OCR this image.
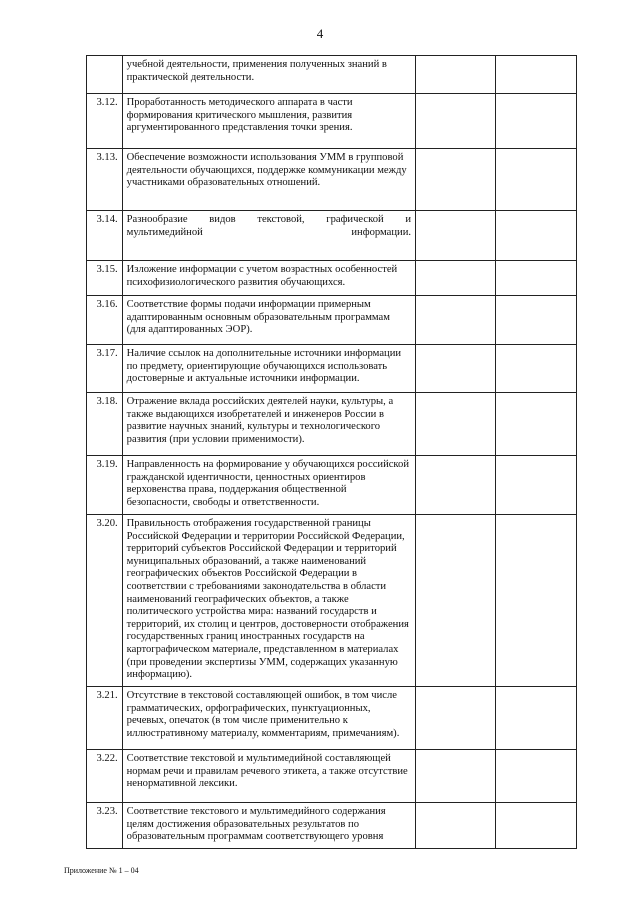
4
	учебной деятельности, применения полученных знаний в практической деятельности.		
3.12.	Проработанность методического аппарата в части формирования критического мышления, развития аргументированного представления точки зрения.		
3.13.	Обеспечение возможности использования УММ в групповой деятельности обучающихся, поддержке коммуникации между участниками образовательных отношений.		
3.14.	Разнообразие видов текстовой, графической и мультимедийной информации.		
3.15.	Изложение информации с учетом возрастных особенностей психофизиологического развития обучающихся.		
3.16.	Соответствие формы подачи информации примерным адаптированным основным образовательным программам (для адаптированных ЭОР).		
3.17.	Наличие ссылок на дополнительные источники информации по предмету, ориентирующие обучающихся использовать достоверные и актуальные источники информации.		
3.18.	Отражение вклада российских деятелей науки, культуры, а также выдающихся изобретателей и инженеров России в развитие научных знаний, культуры и технологического развития (при условии применимости).		
3.19.	Направленность на формирование у обучающихся российской гражданской идентичности, ценностных ориентиров верховенства права, поддержания общественной безопасности, свободы и ответственности.		
3.20.	Правильность отображения государственной границы Российской Федерации и территории Российской Федерации, территорий субъектов Российской Федерации и территорий муниципальных образований, а также наименований географических объектов Российской Федерации в соответствии с требованиями законодательства в области наименований географических объектов, а также политического устройства мира: названий государств и территорий, их столиц и центров, достоверности отображения государственных границ иностранных государств на картографическом материале, представленном в материалах (при проведении экспертизы УММ, содержащих указанную информацию).		
3.21.	Отсутствие в текстовой составляющей ошибок, в том числе грамматических, орфографических, пунктуационных, речевых, опечаток (в том числе применительно к иллюстративному материалу, комментариям, примечаниям).		
3.22.	Соответствие текстовой и мультимедийной составляющей нормам речи и правилам речевого этикета, а также отсутствие ненормативной лексики.		
3.23.	Соответствие текстового и мультимедийного содержания целям достижения образовательных результатов по образовательным программам соответствующего уровня		
Приложение № 1 – 04
